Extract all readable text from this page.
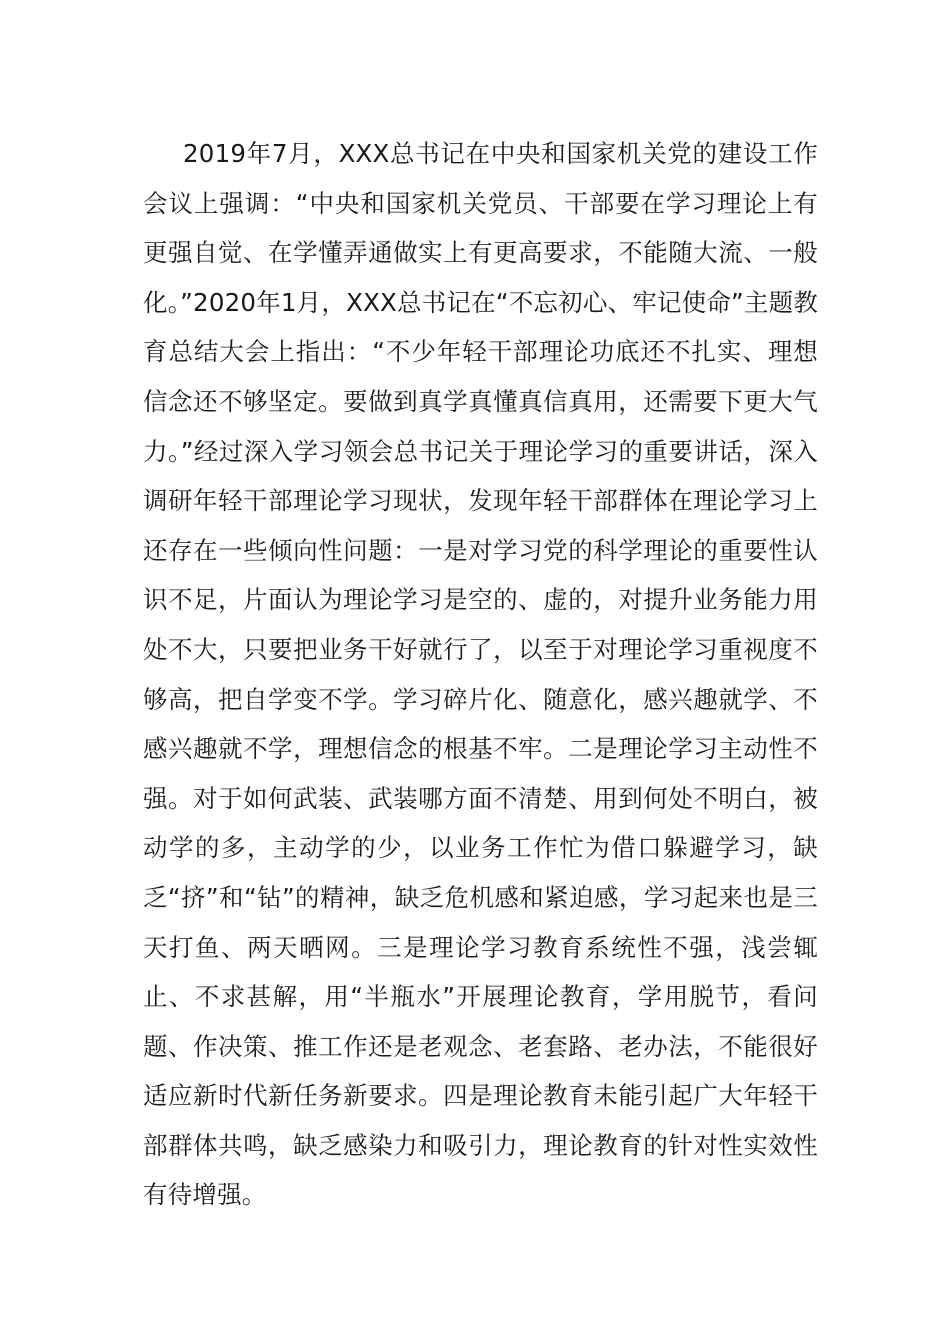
2019年7月，XXX总书记在中央和国家机关党的建设工作会议上强调：“中央和国家机关党员、干部要在学习理论上有更强自觉、在学懂弄通做实上有更高要求，不能随大流、一般化。”2020年1月，XXX总书记在“不忘初心、牢记使命”主题教育总结大会上指出：“不少年轻干部理论功底还不扎实、理想信念还不够坚定。要做到真学真懂真信真用，还需要下更大气力。”经过深入学习领会总书记关于理论学习的重要讲话，深入调研年轻干部理论学习现状，发现年轻干部群体在理论学习上还存在一些倾向性问题：一是对学习党的科学理论的重要性认识不足，片面认为理论学习是空的、虚的，对提升业务能力用处不大，只要把业务干好就行了，以至于对理论学习重视度不够高，把自学变不学。学习碎片化、随意化，感兴趣就学、不感兴趣就不学，理想信念的根基不牢。二是理论学习主动性不强。对于如何武装、武装哪方面不清楚、用到何处不明白，被动学的多，主动学的少，以业务工作忙为借口躲避学习，缺乏“挤”和“钻”的精神，缺乏危机感和紧迫感，学习起来也是三天打鱼、两天晒网。三是理论学习教育系统性不强，浅尝辄止、不求甚解，用“半瓶水”开展理论教育，学用脱节，看问题、作决策、推工作还是老观念、老套路、老办法，不能很好适应新时代新任务新要求。四是理论教育未能引起广大年轻干部群体共鸣，缺乏感染力和吸引力，理论教育的针对性实效性有待增强。
